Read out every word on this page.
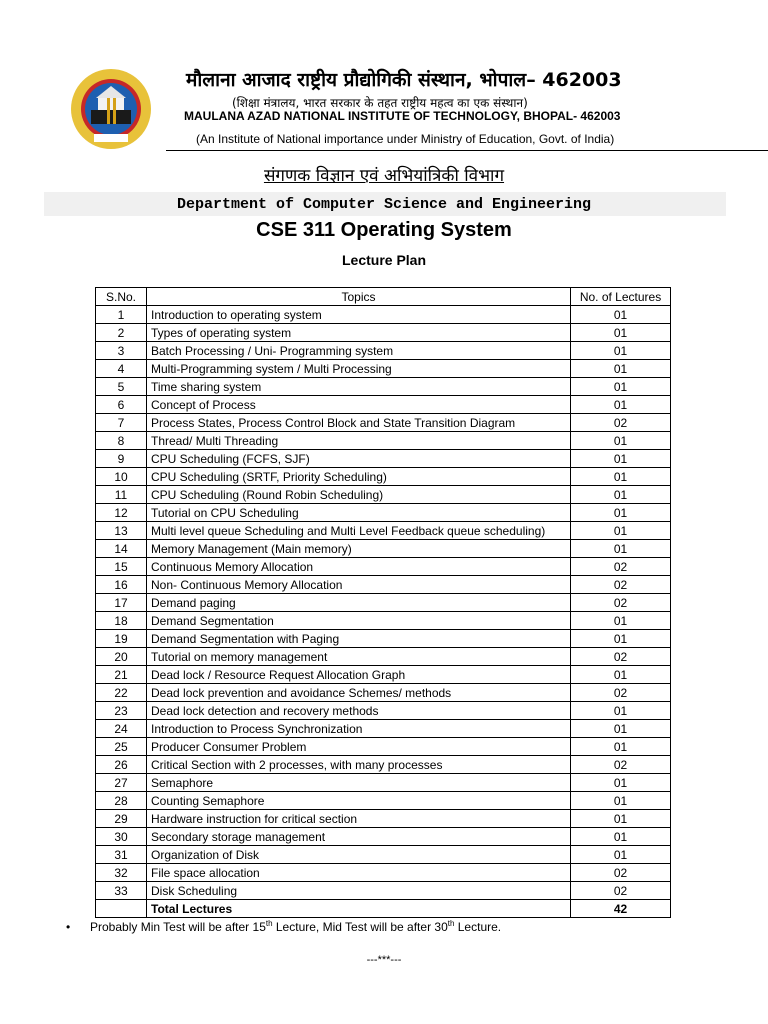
मौलाना आजाद राष्ट्रीय प्रौद्योगिकी संस्थान, भोपाल– 462003
(शिक्षा मंत्रालय, भारत सरकार के तहत राष्ट्रीय महत्व का एक संस्थान)
MAULANA AZAD NATIONAL INSTITUTE OF TECHNOLOGY, BHOPAL- 462003
(An Institute of National importance under Ministry of Education, Govt. of India)
संगणक विज्ञान एवं अभियांत्रिकी विभाग
Department of Computer Science and Engineering
CSE 311 Operating System
Lecture Plan
S.No.	Topics	No. of Lectures
1	Introduction to operating system	01
2	Types of operating system	01
3	Batch Processing / Uni- Programming system	01
4	Multi-Programming system / Multi Processing	01
5	Time sharing system	01
6	Concept of Process	01
7	Process States, Process Control Block and State Transition Diagram	02
8	Thread/ Multi Threading	01
9	CPU Scheduling (FCFS, SJF)	01
10	CPU Scheduling (SRTF, Priority Scheduling)	01
11	CPU Scheduling (Round Robin Scheduling)	01
12	Tutorial on CPU Scheduling	01
13	Multi level queue Scheduling and Multi Level Feedback queue scheduling)	01
14	Memory Management (Main memory)	01
15	Continuous Memory Allocation	02
16	Non- Continuous Memory Allocation	02
17	Demand paging	02
18	Demand Segmentation	01
19	Demand Segmentation with Paging	01
20	Tutorial on memory management	02
21	Dead lock / Resource Request Allocation Graph	01
22	Dead lock prevention and avoidance Schemes/ methods	02
23	Dead lock detection and recovery methods	01
24	Introduction to Process Synchronization	01
25	Producer Consumer Problem	01
26	Critical Section with 2 processes, with many processes	02
27	Semaphore	01
28	Counting Semaphore	01
29	Hardware instruction for critical section	01
30	Secondary storage management	01
31	Organization of Disk	01
32	File space allocation	02
33	Disk Scheduling	02
	Total Lectures	42
• Probably Min Test will be after 15th Lecture, Mid Test will be after 30th Lecture.
---***---
